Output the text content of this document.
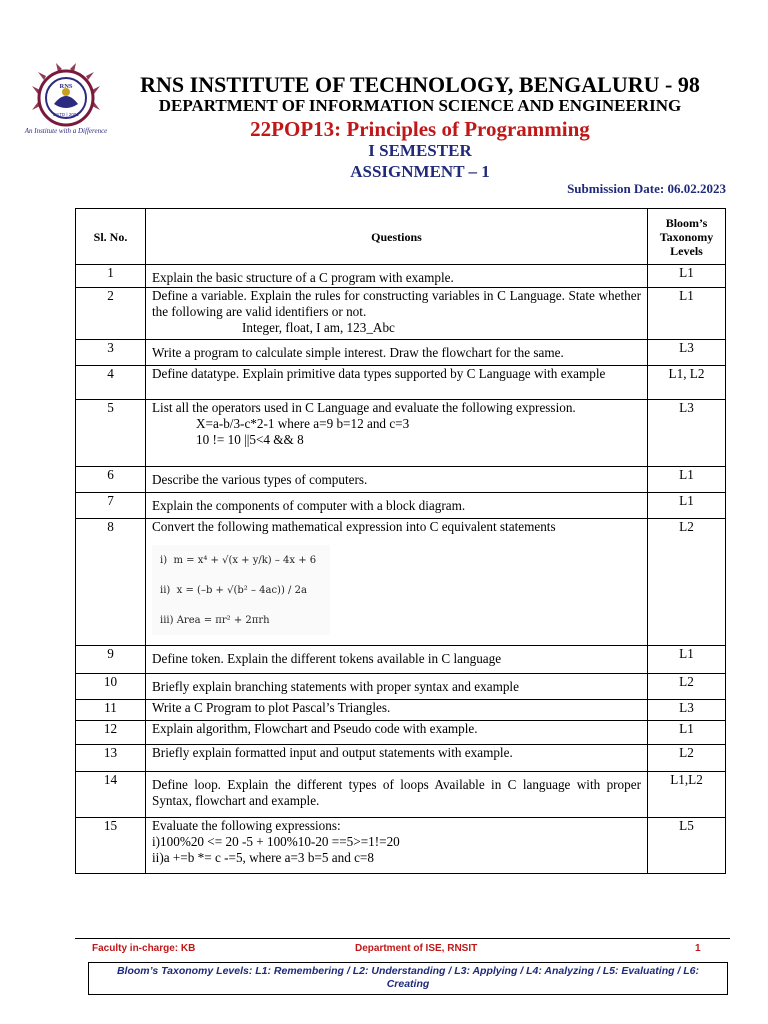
RNS
ESTD | 2001
An Institute with a Difference
RNS INSTITUTE OF TECHNOLOGY, BENGALURU - 98
DEPARTMENT OF INFORMATION SCIENCE AND ENGINEERING
22POP13: Principles of Programming
I SEMESTER
ASSIGNMENT – 1
Submission Date: 06.02.2023
Sl. No.	Questions	Bloom’s
Taxonomy
Levels

1	Explain the basic structure of a C program with example.	L1
2	Define a variable. Explain the rules for constructing variables in C Language. State whether the following are valid identifiers or not.
Integer, float, I am, 123_Abc	L1
3	Write a program to calculate simple interest. Draw the flowchart for the same.	L3
4	Define datatype. Explain primitive data types supported by C Language with example	L1, L2
5	List all the operators used in C Language and evaluate the following expression.
X=a-b/3-c*2-1 where a=9 b=12 and c=3
10 != 10 ||5<4 && 8	L3
6	Describe the various types of computers.	L1
7	Explain the components of computer with a block diagram.	L1
8	Convert the following mathematical expression into C equivalent statements
i) m = x⁴ + √(x + y/k) – 4x + 6
ii) x = (–b + √(b² – 4ac)) / 2a
iii) Area = πr² + 2πrh	L2
9	Define token. Explain the different tokens available in C language	L1
10	Briefly explain branching statements with proper syntax and example	L2
11	Write a C Program to plot Pascal’s Triangles.	L3
12	Explain algorithm, Flowchart and Pseudo code with example.	L1
13	Briefly explain formatted input and output statements with example.	L2
14	Define loop. Explain the different types of loops Available in C language with proper Syntax, flowchart and example.	L1,L2
15	Evaluate the following expressions:
i)100%20 <= 20 -5 + 100%10-20 ==5>=1!=20
ii)a +=b *= c -=5, where a=3 b=5 and c=8	L5
Faculty in-charge: KB	Department of ISE, RNSIT	1
Bloom’s Taxonomy Levels: L1: Remembering / L2: Understanding / L3: Applying / L4: Analyzing / L5: Evaluating / L6: Creating
